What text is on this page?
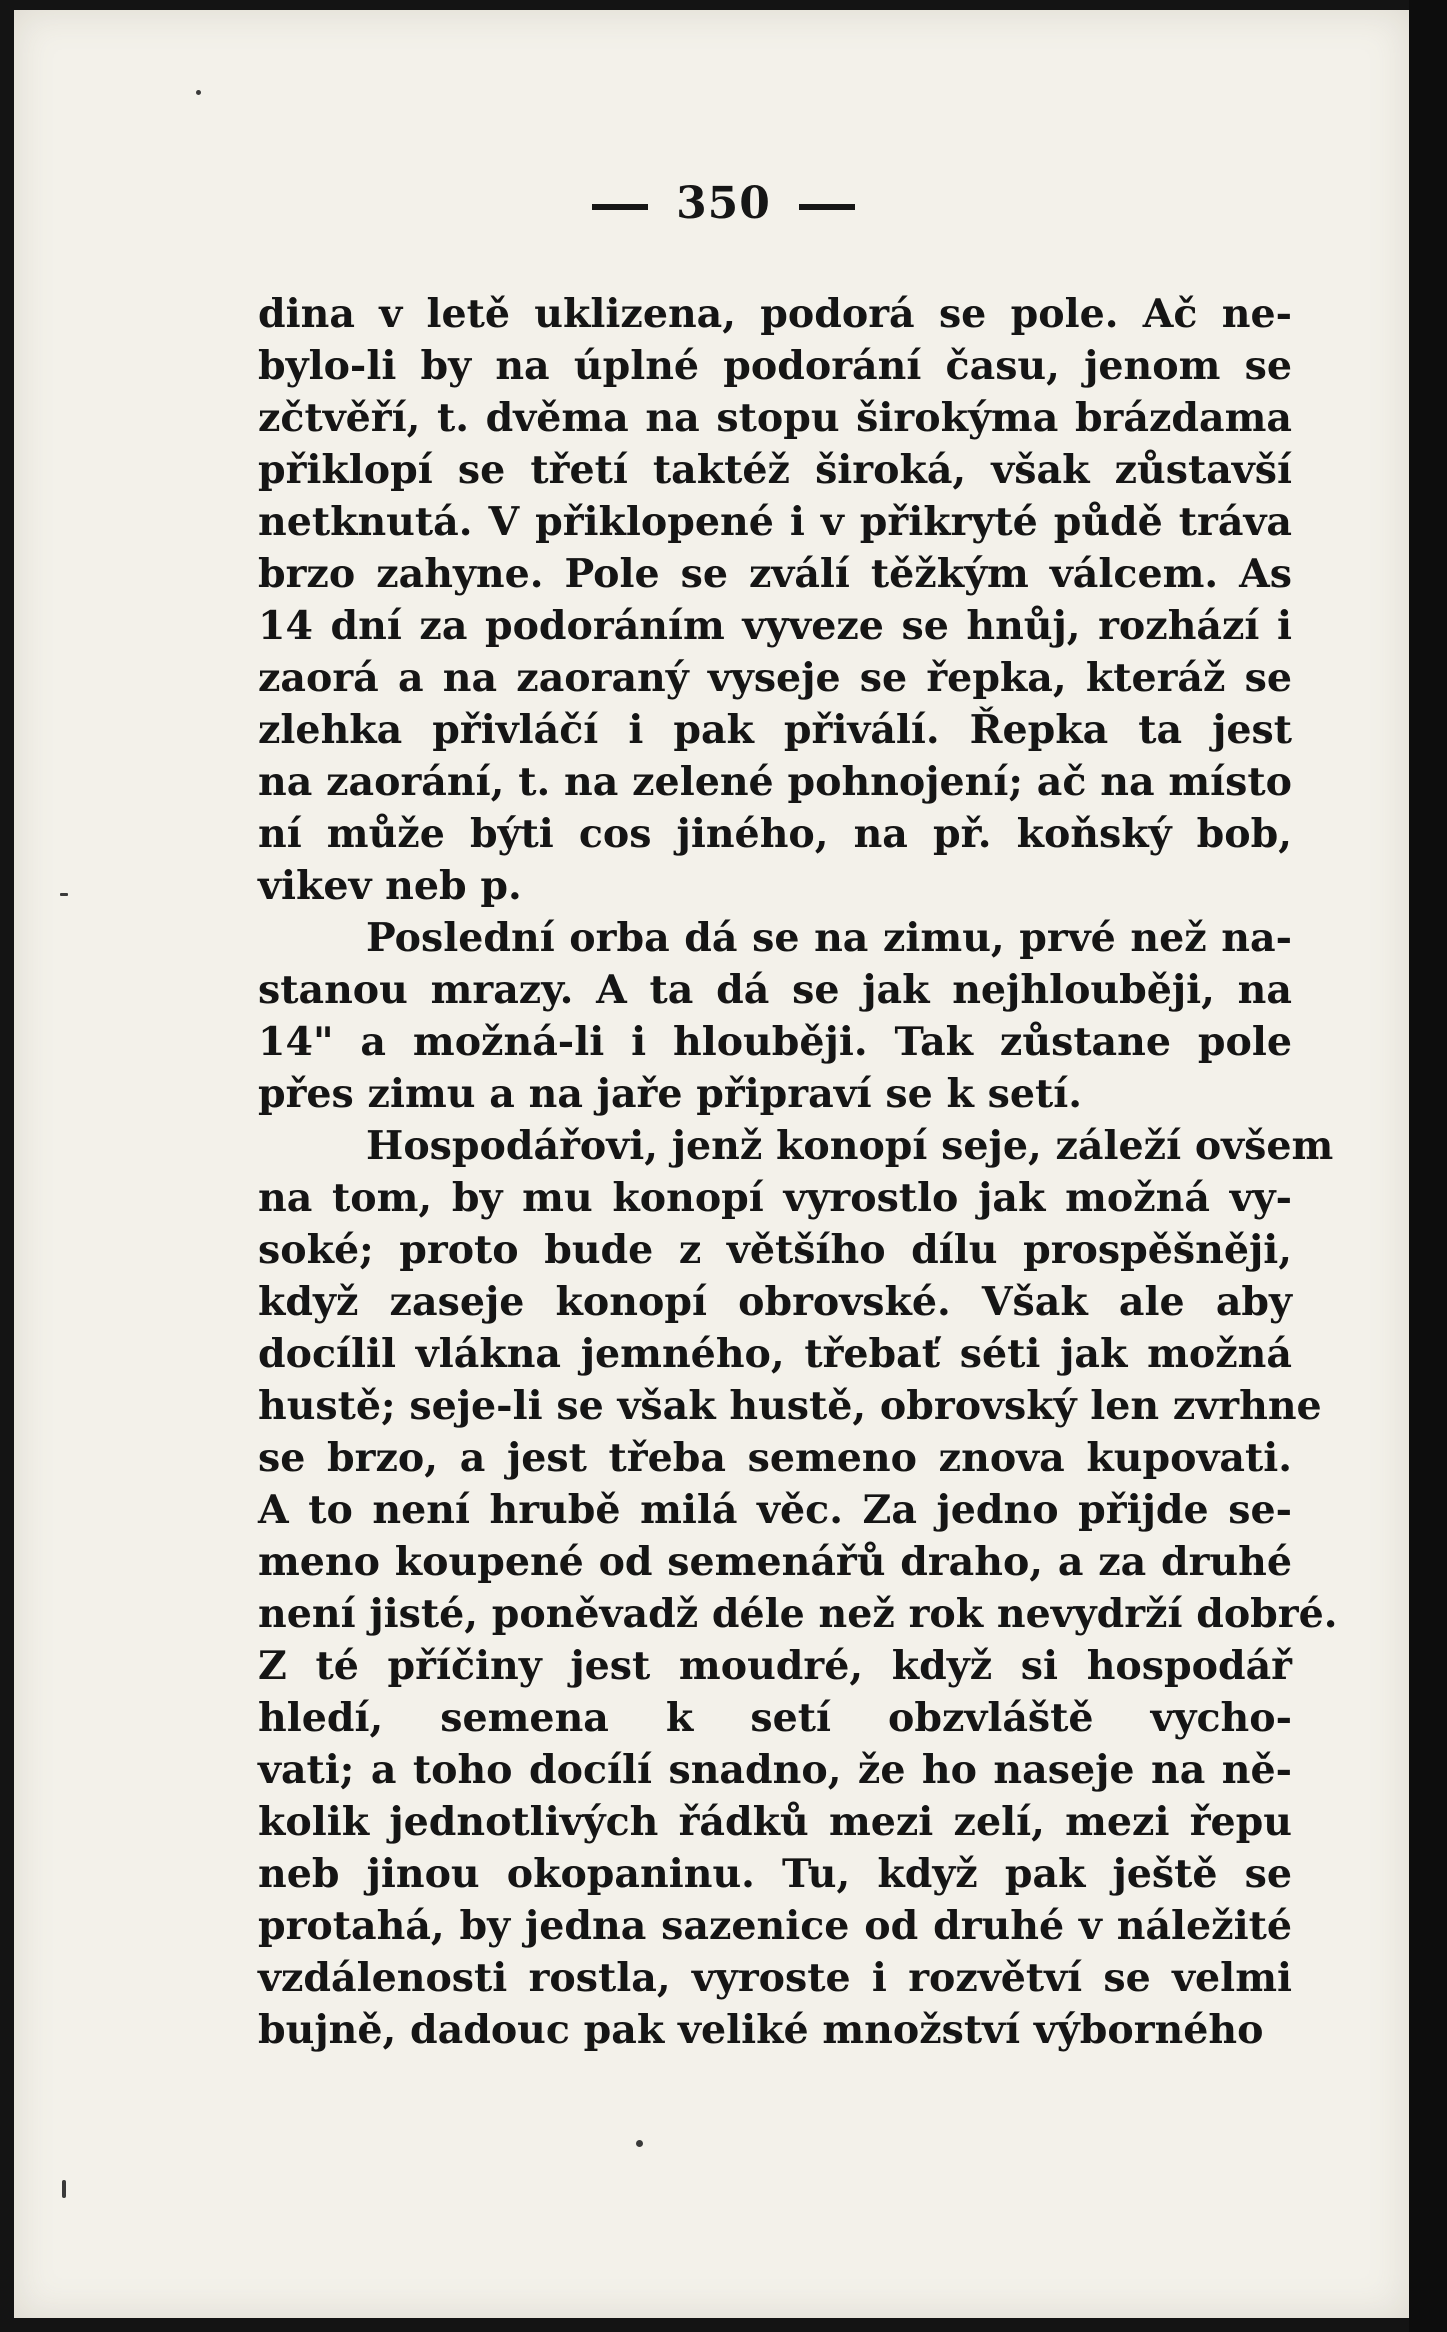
350
dina v letě uklizena, podorá se pole. Ač ne-
bylo-li by na úplné podorání času, jenom se
zčtvěří, t. dvěma na stopu širokýma brázdama
přiklopí se třetí taktéž široká, však zůstavší
netknutá. V přiklopené i v přikryté půdě tráva
brzo zahyne. Pole se zválí těžkým válcem. As
14 dní za podoráním vyveze se hnůj, rozhází i
zaorá a na zaoraný vyseje se řepka, kteráž se
zlehka přivláčí i pak přiválí. Řepka ta jest
na zaorání, t. na zelené pohnojení; ač na místo
ní může býti cos jiného, na př. koňský bob,
vikev neb p.
Poslední orba dá se na zimu, prvé než na-
stanou mrazy. A ta dá se jak nejhlouběji, na
14" a možná-li i hlouběji. Tak zůstane pole
přes zimu a na jaře připraví se k setí.
Hospodářovi, jenž konopí seje, záleží ovšem
na tom, by mu konopí vyrostlo jak možná vy-
soké; proto bude z většího dílu prospěšněji,
když zaseje konopí obrovské. Však ale aby
docílil vlákna jemného, třebať séti jak možná
hustě; seje-li se však hustě, obrovský len zvrhne
se brzo, a jest třeba semeno znova kupovati.
A to není hrubě milá věc. Za jedno přijde se-
meno koupené od semenářů draho, a za druhé
není jisté, poněvadž déle než rok nevydrží dobré.
Z té příčiny jest moudré, když si hospodář
hledí, semena k setí obzvláště vycho-
vati; a toho docílí snadno, že ho naseje na ně-
kolik jednotlivých řádků mezi zelí, mezi řepu
neb jinou okopaninu. Tu, když pak ještě se
protahá, by jedna sazenice od druhé v náležité
vzdálenosti rostla, vyroste i rozvětví se velmi
bujně, dadouc pak veliké množství výborného
